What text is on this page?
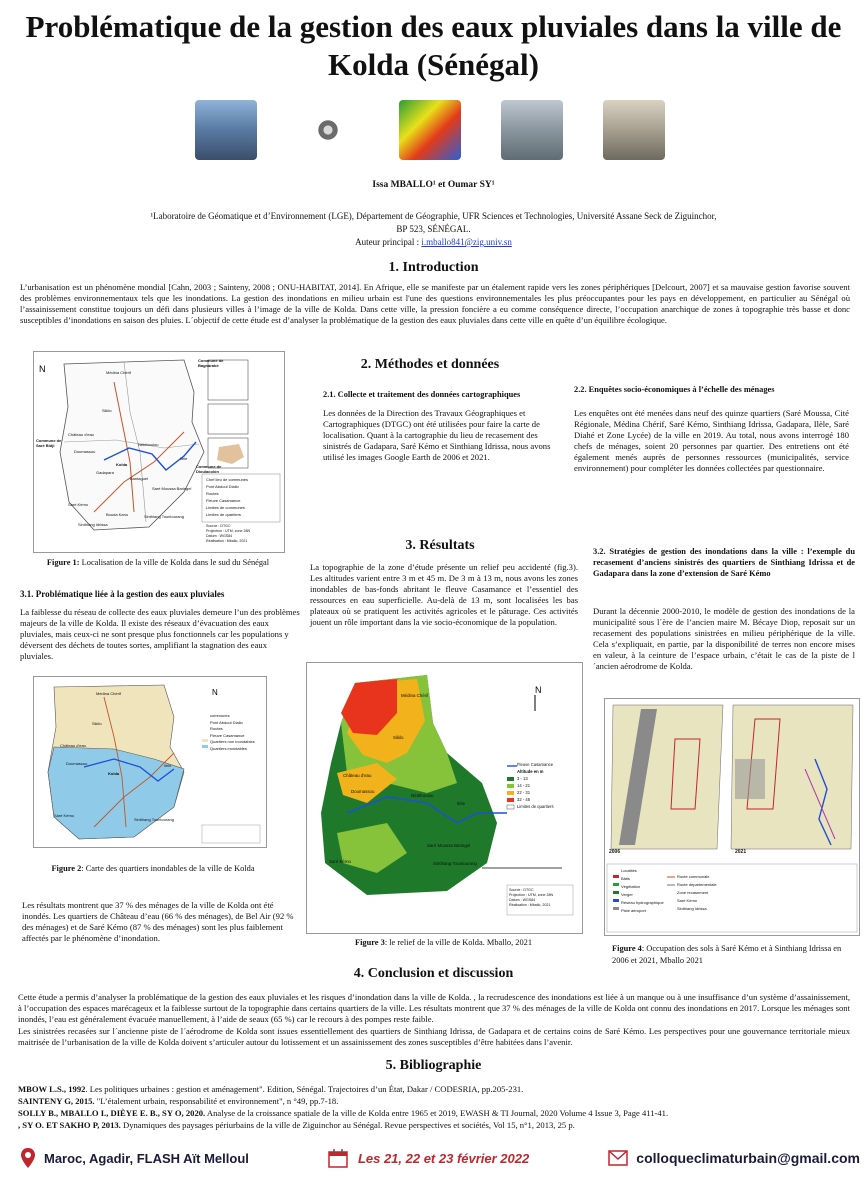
Problématique de la gestion des eaux pluviales dans la ville de Kolda (Sénégal)
Issa MBALLO¹ et Oumar SY¹
¹Laboratoire de Géomatique et d’Environnement (LGE), Département de Géographie, UFR Sciences et Technologies, Université Assane Seck de Ziguinchor, BP 523, SÉNÉGAL.
Auteur principal : i.mballo841@zig.univ.sn
1. Introduction
L’urbanisation est un phénomène mondial [Cahn, 2003 ; Sainteny, 2008 ; ONU-HABITAT, 2014]. En Afrique, elle se manifeste par un étalement rapide vers les zones périphériques [Delcourt, 2007] et sa mauvaise gestion favorise souvent des problèmes environnementaux tels que les inondations. La gestion des inondations en milieu urbain est l'une des questions environnementales les plus préoccupantes pour les pays en développement, en particulier au Sénégal où l’assainissement constitue toujours un défi dans plusieurs villes à l’image de la ville de Kolda. Dans cette ville, la pression foncière a eu comme conséquence directe, l’occupation anarchique de zones à topographie très basse et donc susceptibles d’inondations en saison des pluies. L´objectif de cette étude est d’analyser la problématique de la gestion des eaux pluviales dans cette ville en quête d’un équilibre écologique.
N	Médina Chérif
Sikilo
Château d'eau
Doumassou
Nétéboulou
Kolda
Gadapara
Bantaguel
Ilèle
Saré Moussa Baringel
Saré Kémo
Bouda Kano
Sinthiang Idrissa
Sinthiang Tountourang
Commune de Bagnarabé
Commune de Saré Bidji
Commune de Dioulacolon
Chef lieu de communes
Pont Abdoul Diallo
Routes
Fleuve Casamance
Limites de communes
Limites de quartiers
Source : DTGC
Projection : UTM, zone 28N
Datum : WGS84
Réalisation : Mballo, 2021
Figure 1: Localisation de la ville de Kolda dans le sud du Sénégal
3.1. Problématique liée à la gestion des eaux pluviales
La faiblesse du réseau de collecte des eaux pluviales demeure l’un des problèmes majeurs de la ville de Kolda. Il existe des réseaux d’évacuation des eaux pluviales, mais ceux-ci ne sont presque plus fonctionnels car les populations y déversent des déchets de toutes sortes, amplifiant la stagnation des eaux pluviales.
N
communes
Pont Abdoul Diallo
Routes
Fleuve Casamance
Quartiers non inondables
Quartiers inondables
Médina Chérif
Sikilo
Château d'eau
Doumassou
Kolda
Ilèle
Saré Kémo
Sinthiang Tountourang
Figure 2: Carte des quartiers inondables de la ville de Kolda
Les résultats montrent que 37 % des ménages de la ville de Kolda ont été inondés. Les quartiers de Château d’eau (66 % des ménages), de Bel Air (92 % des ménages) et de Saré Kémo (87 % des ménages) sont les plus faiblement affectés par le phénomène d’inondation.
2. Méthodes et données
2.1. Collecte et traitement des données cartographiques
Les données de la Direction des Travaux Géographiques et Cartographiques (DTGC) ont été utilisées pour faire la carte de localisation. Quant à la cartographie du lieu de recasement des sinistrés de Gadapara, Saré Kémo et Sinthiang Idrissa, nous avons utilisé les images Google Earth de 2006 et 2021.
2.2. Enquêtes socio-économiques à l’échelle des ménages
Les enquêtes ont été menées dans neuf des quinze quartiers (Saré Moussa, Cité Régionale, Médina Chérif, Saré Kémo, Sinthiang Idrissa, Gadapara, Ilèle, Saré Diahé et Zone Lycée) de la ville en 2019. Au total, nous avons interrogé 180 chefs de ménages, soient 20 personnes par quartier. Des entretiens ont été également menés auprès de personnes ressources (municipalités, service environnement) pour compléter les données collectées par questionnaire.
3. Résultats
La topographie de la zone d’étude présente un relief peu accidenté (fig.3). Les altitudes varient entre 3 m et 45 m. De 3 m à 13 m, nous avons les zones inondables de bas-fonds abritant le fleuve Casamance et l’essentiel des ressources en eau superficielle. Au-delà de 13 m, sont localisées les bas plateaux où se pratiquent les activités agricoles et le pâturage. Ces activités jouent un rôle important dans la vie socio-économique de la population.
N
Fleuve Casamance
Altitude en m
3 - 13
14 - 21
22 - 31
32 - 45
Limites de quartiers
Source : DTGC
Projection : UTM, zone 28N
Datum : WGS84
Réalisation : Mballo, 2021
Médina Chérif
Sikilo
Château d'eau
Doumassou
Nétéboulou
Ilèle
Saré Kémo
Saré Moussa Baringel
Sinthiang Tountourang
Figure 3: le relief de la ville de Kolda. Mballo, 2021
3.2. Stratégies de gestion des inondations dans la ville : l’exemple du recasement d’anciens sinistrés des quartiers de Sinthiang Idrissa et de Gadapara dans la zone d’extension de Saré Kémo
Durant la décennie 2000-2010, le modèle de gestion des inondations de la municipalité sous l´ère de l’ancien maire M. Bécaye Diop, reposait sur un recasement des populations sinistrées en milieu périphérique de la ville. Cela s’expliquait, en partie, par la disponibilité de terres non encore mises en valeur, à la ceinture de l’espace urbain, c’était le cas de la piste de l´ancien aérodrome de Kolda.
2006	2021
Localités
Bâtis
Végétation
Verger
Réseau hydrographique
Piste aéroport
Route communale
Route départementale
Zone recasement
Saré Kémo
Sinthiang Idrissa
Figure 4: Occupation des sols à Saré Kémo et à Sinthiang Idrissa en 2006 et 2021, Mballo 2021
4. Conclusion et discussion
Cette étude a permis d’analyser la problématique de la gestion des eaux pluviales et les risques d’inondation dans la ville de Kolda. , la recrudescence des inondations est liée à un manque ou à une insuffisance d’un système d’assainissement, à l’occupation des espaces marécageux et la faiblesse surtout de la topographie dans certains quartiers de la ville. Les résultats montrent que 37 % des ménages de la ville de Kolda ont connu des inondations en 2017. Lorsque les ménages sont inondés, l’eau est généralement évacuée manuellement, à l’aide de seaux (65 %) car le recours à des pompes reste faible.
Les sinistrées recasées sur l´ancienne piste de l´aérodrome de Kolda sont issues essentiellement des quartiers de Sinthiang Idrissa, de Gadapara et de certains coins de Saré Kémo. Les perspectives pour une gouvernance territoriale mieux maitrisée de l’urbanisation de la ville de Kolda doivent s’articuler autour du lotissement et un assainissement des zones susceptibles d’être habitées dans l’avenir.
5. Bibliographie
MBOW L.S., 1992. Les politiques urbaines : gestion et aménagement". Edition, Sénégal. Trajectoires d’un État, Dakar / CODESRIA, pp.205-231.
SAINTENY G, 2015. "L’étalement urbain, responsabilité et environnement", n °49, pp.7-18.
SOLLY B., MBALLO I., DIÈYE E. B., SY O, 2020. Analyse de la croissance spatiale de la ville de Kolda entre 1965 et 2019, EWASH & TI Journal, 2020 Volume 4 Issue 3, Page 411-41.
, SY O. ET SAKHO P, 2013. Dynamiques des paysages périurbains de la ville de Ziguinchor au Sénégal. Revue perspectives et sociétés, Vol 15, n°1, 2013, 25 p.
Maroc, Agadir, FLASH Aït Melloul	Les 21, 22 et 23 février 2022	colloqueclimaturbain@gmail.com
